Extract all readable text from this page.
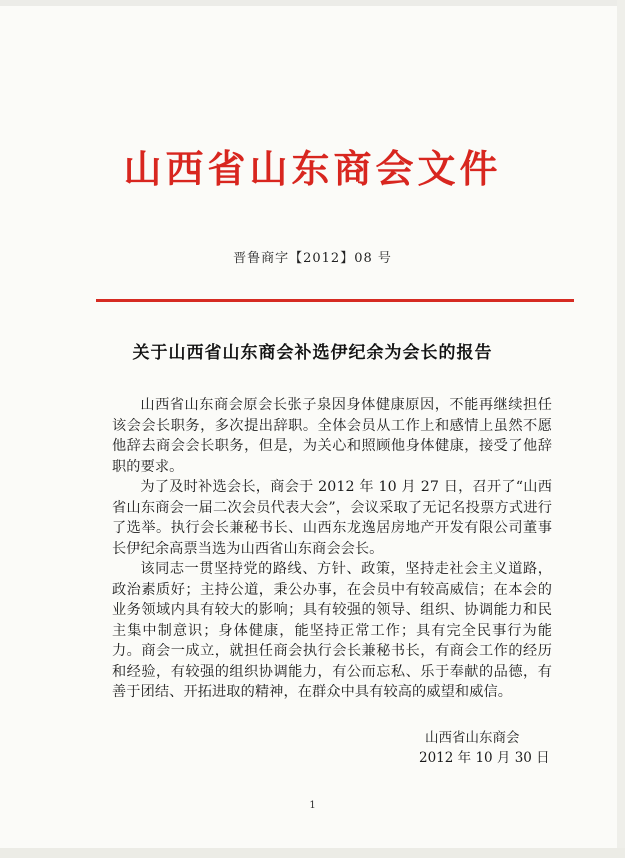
山西省山东商会文件
晋鲁商字【2012】08 号
关于山西省山东商会补选伊纪余为会长的报告

山西省山东商会原会长张子泉因身体健康原因，不能再继续担任该会会长职务，多次提出辞职。全体会员从工作上和感情上虽然不愿他辞去商会会长职务，但是，为关心和照顾他身体健康，接受了他辞职的要求。

为了及时补选会长，商会于 2012 年 10 月 27 日，召开了“山西省山东商会一届二次会员代表大会”，会议采取了无记名投票方式进行了选举。执行会长兼秘书长、山西东龙逸居房地产开发有限公司董事长伊纪余高票当选为山西省山东商会会长。

该同志一贯坚持党的路线、方针、政策，坚持走社会主义道路，政治素质好；主持公道，秉公办事，在会员中有较高威信；在本会的业务领域内具有较大的影响；具有较强的领导、组织、协调能力和民主集中制意识；身体健康，能坚持正常工作；具有完全民事行为能力。商会一成立，就担任商会执行会长兼秘书长，有商会工作的经历和经验，有较强的组织协调能力，有公而忘私、乐于奉献的品德，有善于团结、开拓进取的精神，在群众中具有较高的威望和威信。

山西省山东商会
2012 年 10 月 30 日
1
